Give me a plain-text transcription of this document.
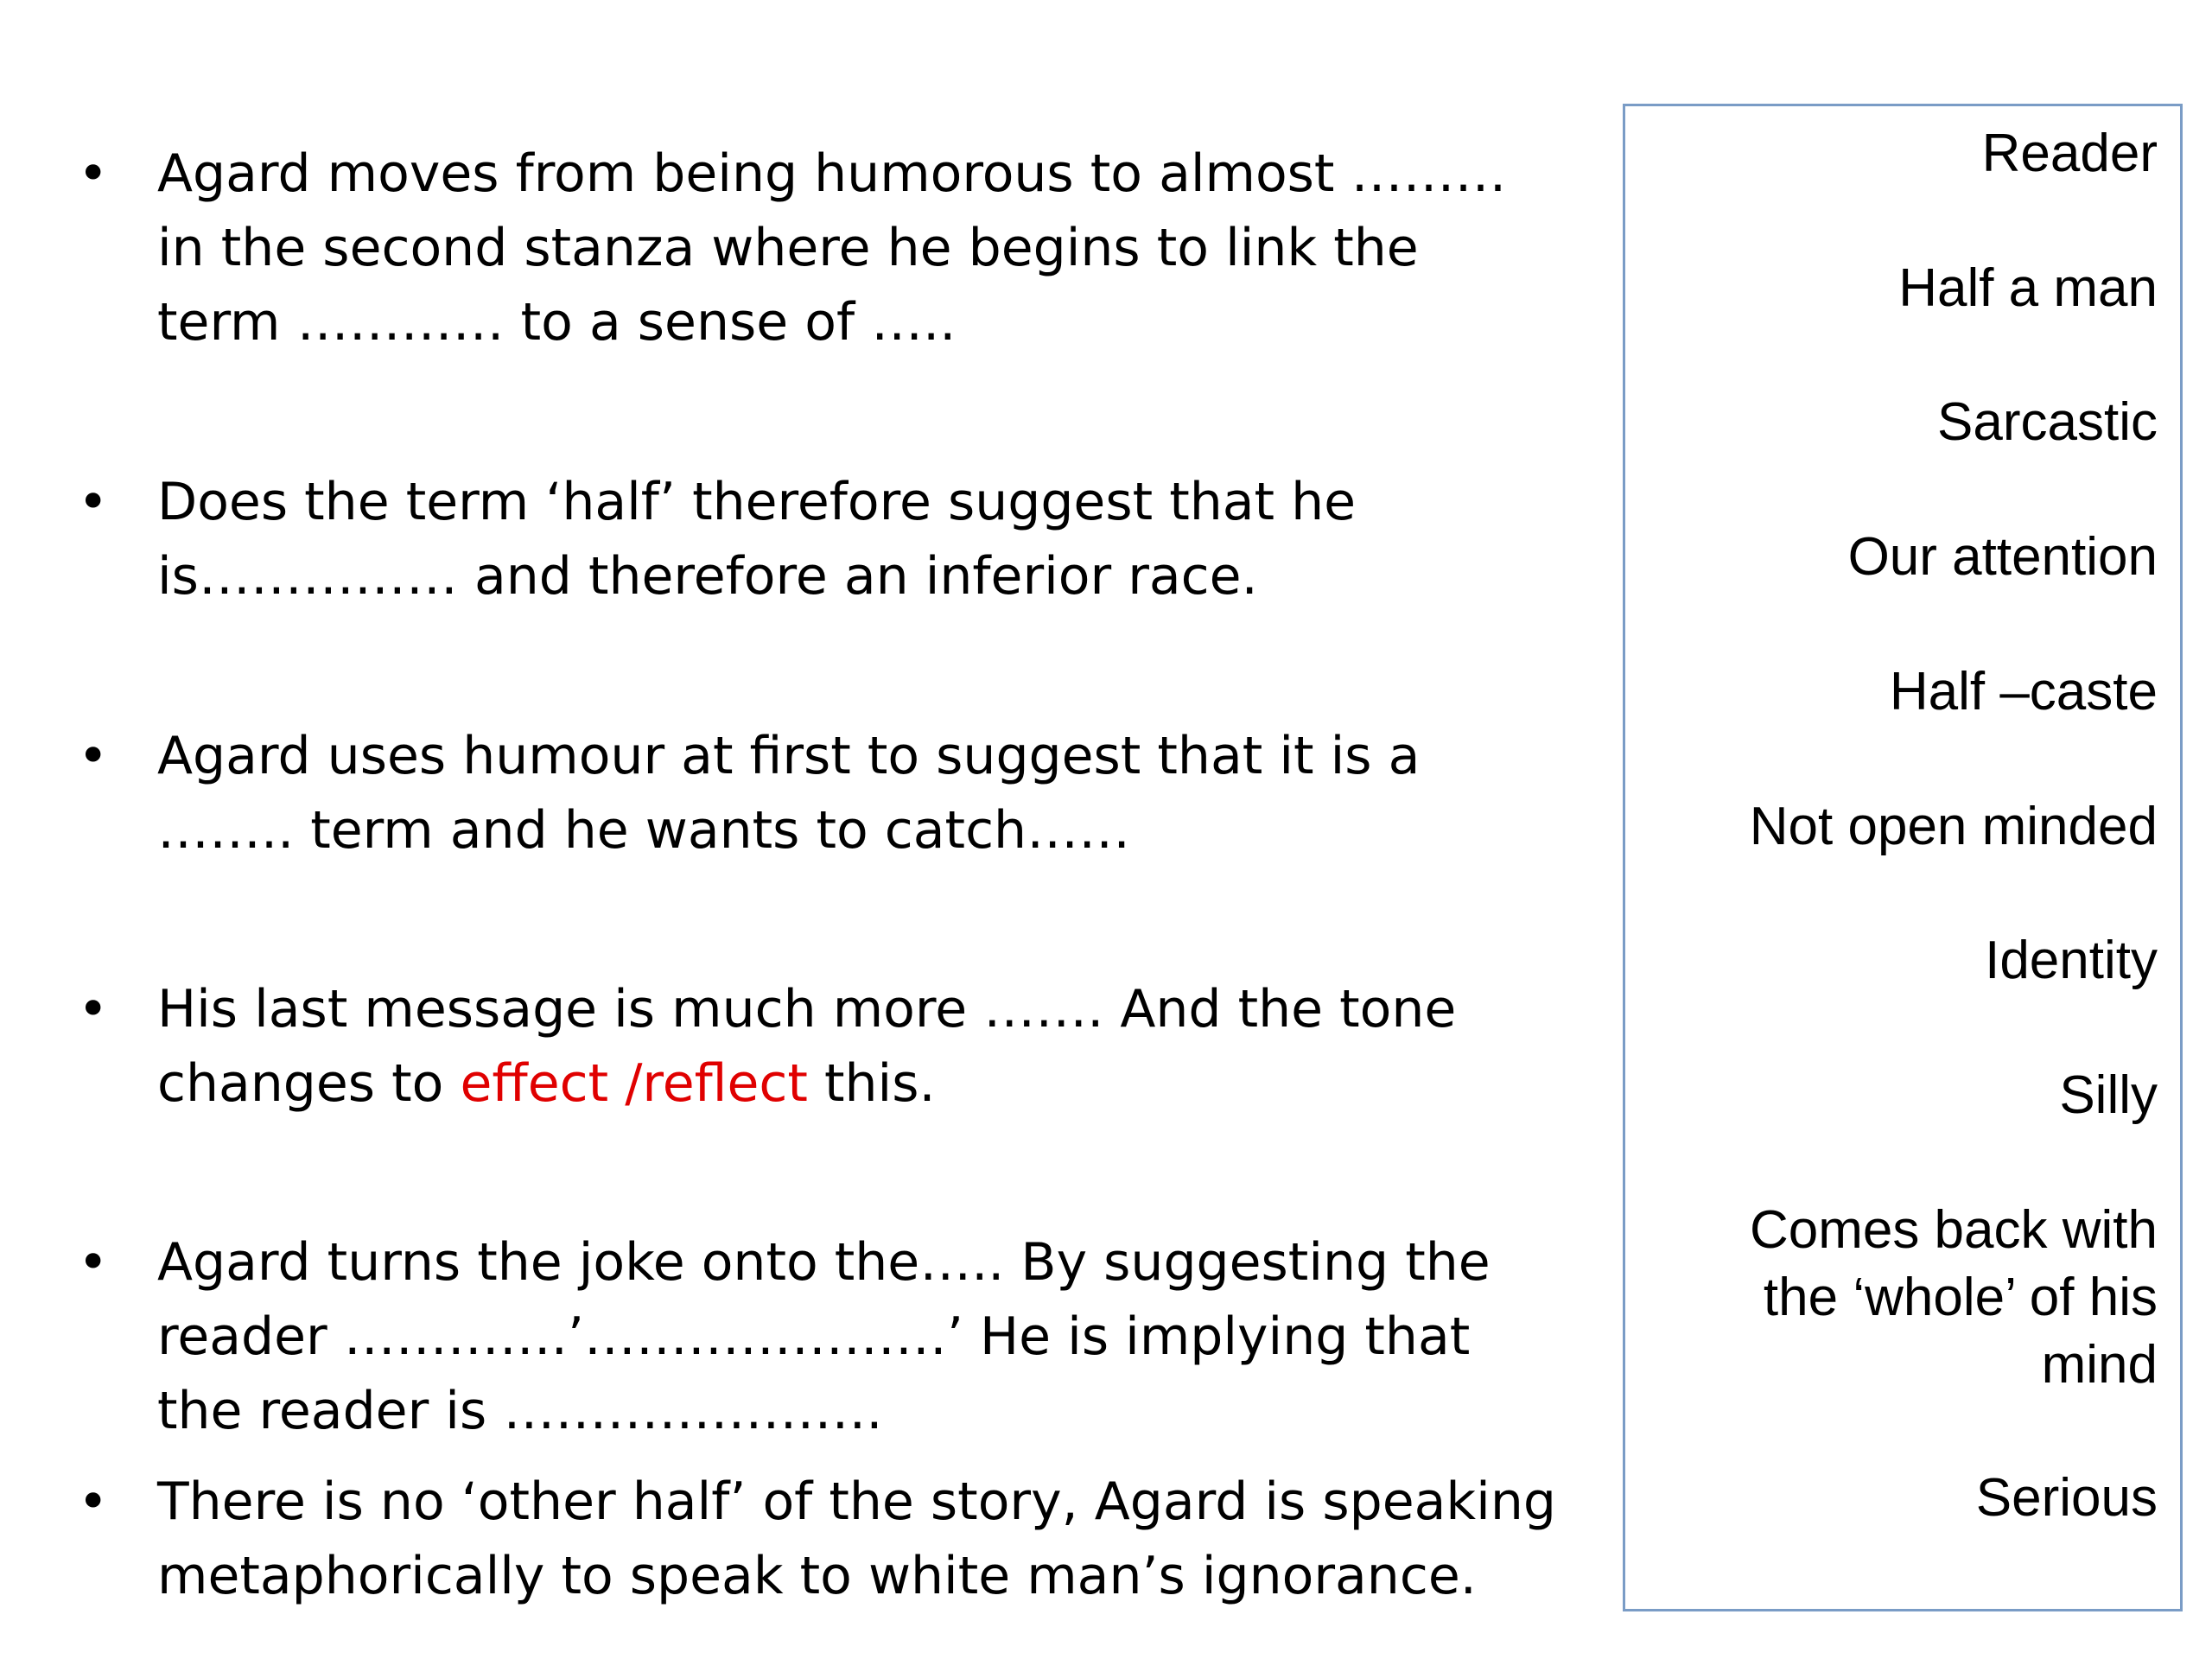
• Agard moves from being humorous to almost ……… in the second stanza where he begins to link the term ………… to a sense of …..
• Does the term ‘half’ therefore suggest that he is…………… and therefore an inferior race.
• Agard uses humour at first to suggest that it is a …….. term and he wants to catch……
• His last message is much more ……. And the tone changes to effect /reflect this.
• Agard turns the joke onto the….. By suggesting the reader ………….’…………………’ He is implying that the reader is ………………….
• There is no ‘other half’ of the story, Agard is speaking metaphorically to speak to white man’s ignorance.
Reader
Half a man
Sarcastic
Our attention
Half –caste
Not open minded
Identity
Silly
Comes back with the ‘whole’ of his mind
Serious
